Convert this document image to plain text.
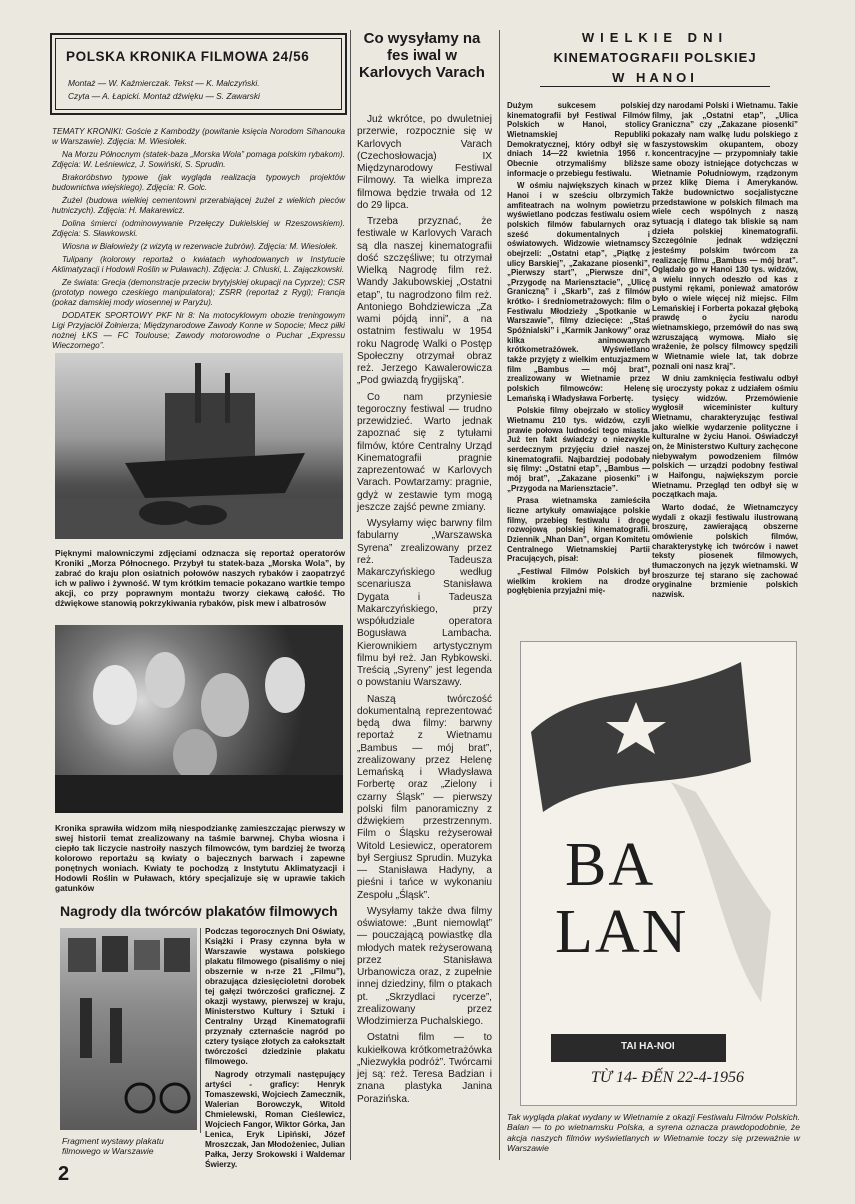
POLSKA KRONIKA FILMOWA 24/56
Montaż — W. Kaźmierczak. Tekst — K. Malczyński.
Czyta — A. Łapicki. Montaż dźwięku — S. Zawarski

TEMATY KRONIKI: Goście z Kambodży (powitanie księcia Norodom Sihanouka w Warszawie). Zdjęcia: M. Wiesiołek.

Na Morzu Północnym (statek-baza „Morska Wola” pomaga polskim rybakom). Zdjęcia: W. Leśniewicz, J. Sowiński, S. Sprudin.

Brakoróbstwo typowe (jak wygląda realizacja typowych projektów budownictwa wiejskiego). Zdjęcia: R. Golc.

Żużel (budowa wielkiej cementowni przerabiającej żużel z wielkich pieców hutniczych). Zdjęcia: H. Makarewicz.

Dolina śmierci (odminowywanie Przełęczy Dukielskiej w Rzeszowskiem). Zdjęcia: S. Sławkowski.

Wiosna w Białowieży (z wizytą w rezerwacie żubrów). Zdjęcia: M. Wiesiołek.

Tulipany (kolorowy reportaż o kwiatach wyhodowanych w Instytucie Aklimatyzacji i Hodowli Roślin w Puławach). Zdjęcia: J. Chluski, L. Zajączkowski.

Ze świata: Grecja (demonstracje przeciw brytyjskiej okupacji na Cyprze); CSR (prototyp nowego czeskiego manipulatora); ZSRR (reportaż z Rygi); Francja (pokaz damskiej mody wiosennej w Paryżu).

DODATEK SPORTOWY PKF Nr 8: Na motocyklowym obozie treningowym Ligi Przyjaciół Żołnierza; Międzynarodowe Zawody Konne w Sopocie; Mecz piłki nożnej ŁKS — FC Toulouse; Zawody motorowodne o Puchar „Expressu Wieczornego”.

Pięknymi malowniczymi zdjęciami odznacza się reportaż operatorów Kroniki „Morza Północnego. Przybył tu statek-baza „Morska Wola”, by zabrać do kraju plon osiatnich połowów naszych rybaków i zaopatrzyć ich w paliwo i żywność. W tym krótkim temacie pokazano wartkie tempo akcji, co przy poprawnym montażu tworzy ciekawą całość. Tło dźwiękowe stanowią pokrzykiwania rybaków, pisk mew i albatrosów
Kronika sprawiła widzom miłą niespodziankę zamieszczając pierwszy w swej historii temat zrealizowany na taśmie barwnej. Chyba wiosna i ciepło tak liczycie nastroiły naszych filmowców, tym bardziej że tworzą kolorowo reportażu są kwiaty o bajecznych barwach i zapewne ponętnych woniach. Kwiaty te pochodzą z Instytutu Aklimatyzacji i Hodowli Roślin w Puławach, który specjalizuje się w uprawie takich gatunków
Nagrody dla twórców plakatów filmowych
Fragment wystawy plakatu filmowego w Warszawie

Podczas tegorocznych Dni Oświaty, Książki i Prasy czynna była w Warszawie wystawa polskiego plakatu filmowego (pisaliśmy o niej obszernie w n-rze 21 „Filmu”), obrazująca dziesięcioletni dorobek tej gałęzi twórczości graficznej. Z okazji wystawy, pierwszej w kraju, Ministerstwo Kultury i Sztuki i Centralny Urząd Kinematografii przyznały czternaście nagród po cztery tysiące złotych za całokształt twórczości dziedzinie plakatu filmowego.

Nagrody otrzymali następujący artyści - graficy: Henryk Tomaszewski, Wojciech Zamecznik, Walerian Borowczyk, Witold Chmielewski, Roman Cieślewicz, Wojciech Fangor, Wiktor Górka, Jan Lenica, Eryk Lipiński, Józef Mroszczak, Jan Młodożeniec, Julian Pałka, Jerzy Srokowski i Waldemar Świerzy.

Co wysyłamy na fes iwal w Karlovych Varach

Już wkrótce, po dwuletniej przerwie, rozpocznie się w Karlovych Varach (Czechosłowacja) IX Międzynarodowy Festiwal Filmowy. Ta wielka impreza filmowa będzie trwała od 12 do 29 lipca.

Trzeba przyznać, że festiwale w Karlovych Varach są dla naszej kinematografii dość szczęśliwe; tu otrzymał Wielką Nagrodę film reż. Wandy Jakubowskiej „Ostatni etap”, tu nagrodzono film reż. Antoniego Bohdziewicza „Za wami pójdą inni”, a na ostatnim festiwalu w 1954 roku Nagrodę Walki o Postęp Społeczny otrzymał obraz reż. Jerzego Kawalerowicza „Pod gwiazdą frygijską”.

Co nam przyniesie tegoroczny festiwal — trudno przewidzieć. Warto jednak zapoznać się z tytułami filmów, które Centralny Urząd Kinematografii pragnie zaprezentować w Karlovych Varach. Powtarzamy: pragnie, gdyż w zestawie tym mogą jeszcze zajść pewne zmiany.

Wysyłamy więc barwny film fabularny „Warszawska Syrena” zrealizowany przez reż. Tadeusza Makarczyńskiego według scenariusza Stanisława Dygata i Tadeusza Makarczyńskiego, przy współudziale operatora Bogusława Lambacha. Kierownikiem artystycznym filmu był reż. Jan Rybkowski. Treścią „Syreny” jest legenda o powstaniu Warszawy.

Naszą twórczość dokumentalną reprezentować będą dwa filmy: barwny reportaż z Wietnamu „Bambus — mój brat”, zrealizowany przez Helenę Lemańską i Władysława Forbertę oraz „Zielony i czarny Śląsk” — pierwszy polski film panoramiczny z dźwiękiem przestrzennym. Film o Śląsku reżyserował Witold Lesiewicz, operatorem był Sergiusz Sprudin. Muzyka — Stanisława Hadyny, a pieśni i tańce w wykonaniu Zespołu „Śląsk”.

Wysyłamy także dwa filmy oświatowe: „Bunt niemowląt” — pouczającą powiastkę dla młodych matek reżyserowaną przez Stanisława Urbanowicza oraz, z zupełnie innej dziedziny, film o ptakach pt. „Skrzydlaci rycerze”, zrealizowany przez Włodzimierza Puchalskiego.

Ostatni film — to kukiełkowa krótkometrażówka „Niezwykła podróż”. Twórcami jej są: reż. Teresa Badzian i znana plastyka Janina Porazińska.

WIELKIE DNI
KINEMATOGRAFII POLSKIEJ
W HANOI

Dużym sukcesem polskiej kinematografii był Festiwal Filmów Polskich w Hanoi, stolicy Wietnamskiej Republiki Demokratycznej, który odbył się w dniach 14—22 kwietnia 1956 r. Obecnie otrzymaliśmy bliższe informacje o przebiegu festiwalu.

W ośmiu największych kinach w Hanoi i w sześciu olbrzymich amfiteatrach na wolnym powietrzu wyświetlano podczas festiwalu osiem polskich filmów fabularnych oraz sześć dokumentalnych i oświatowych. Widzowie wietnamscy obejrzeli: „Ostatni etap”, „Piątkę z ulicy Barskiej”, „Zakazane piosenki”, „Pierwszy start”, „Pierwsze dni”, „Przygodę na Mariensztacie”, „Ulicę Graniczną” i „Skarb”, zaś z filmów krótko- i średniometrażowych: film o Festiwalu Młodzieży „Spotkanie w Warszawie”, filmy dziecięce: „Staś Spóźnialski” i „Karmik Jankowy” oraz kilka animowanych krótkometrażówek. Wyświetlano także przyjęty z wielkim entuzjazmem film „Bambus — mój brat”, zrealizowany w Wietnamie przez polskich filmowców: Helenę Lemańską i Władysława Forbertę.

Polskie filmy obejrzało w stolicy Wietnamu 210 tys. widzów, czyli prawie połowa ludności tego miasta. Już ten fakt świadczy o niezwykle serdecznym przyjęciu dzieł naszej kinematografii. Najbardziej podobały się filmy: „Ostatni etap”, „Bambus — mój brat”, „Zakazane piosenki” i „Przygoda na Mariensztacie”.

Prasa wietnamska zamieściła liczne artykuły omawiające polskie filmy, przebieg festiwalu i drogę rozwojową polskiej kinematografii. Dziennik „Nhan Dan”, organ Komitetu Centralnego Wietnamskiej Partii Pracujących, pisał:

„Festiwal Filmów Polskich był wielkim krokiem na drodze pogłębienia przyjaźni mię-

dzy narodami Polski i Wietnamu. Takie filmy, jak „Ostatni etap”, „Ulica Graniczna” czy „Zakazane piosenki” pokazały nam walkę ludu polskiego z faszystowskim okupantem, obozy koncentracyjne — przypomniały takie same obozy istniejące dotychczas w Wietnamie Południowym, rządzonym przez klikę Diema i Amerykanów. Także budownictwo socjalistyczne przedstawione w polskich filmach ma wiele cech wspólnych z naszą sytuacją i dlatego tak bliskie są nam dzieła polskiej kinematografii. Szczególnie jednak wdzięczni jesteśmy polskim twórcom za realizację filmu „Bambus — mój brat”. Oglądało go w Hanoi 130 tys. widzów, a wielu innych odeszło od kas z pustymi rękami, ponieważ amatorów było o wiele więcej niż miejsc. Film Lemańskiej i Forberta pokazał głęboką prawdę o życiu narodu wietnamskiego, przemówił do nas swą wzruszającą wymową. Miało się wrażenie, że polscy filmowcy spędzili w Wietnamie wiele lat, tak dobrze poznali oni nasz kraj”.

W dniu zamknięcia festiwalu odbył się uroczysty pokaz z udziałem ośmiu tysięcy widzów. Przemówienie wygłosił wiceminister kultury Wietnamu, charakteryzując festiwal jako wielkie wydarzenie polityczne i kulturalne w życiu Hanoi. Oświadczył on, że Ministerstwo Kultury zachęcone niebywałym powodzeniem filmów polskich — urządzi podobny festiwal w Haifongu, największym porcie Wietnamu. Przegląd ten odbył się w początkach maja.

Warto dodać, że Wietnamczycy wydali z okazji festiwalu ilustrowaną broszurę, zawierającą obszerne omówienie polskich filmów, charakterystykę ich twórców i nawet teksty piosenek filmowych, tłumaczonych na język wietnamski. W broszurze tej starano się zachować oryginalne brzmienie polskich nazwisk.

BA
LAN
TAI HA-NOI
TỪ 14- ĐẾN 22-4-1956
Tak wygląda plakat wydany w Wietnamie z okazji Festiwalu Filmów Polskich. Balan — to po wietnamsku Polska, a syrena oznacza prawdopodobnie, że akcja naszych filmów wyświetlanych w Wietnamie toczy się przeważnie w Warszawie
2
